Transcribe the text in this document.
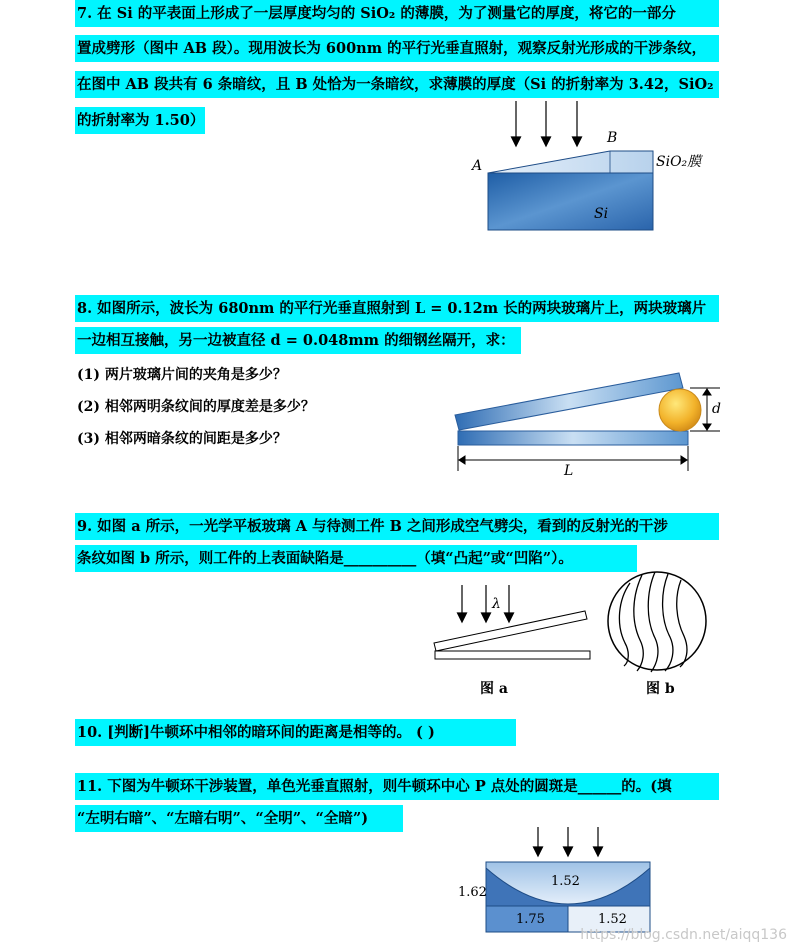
7. 在 Si 的平表面上形成了一层厚度均匀的 SiO₂ 的薄膜，为了测量它的厚度，将它的一部分
置成劈形（图中 AB 段）。现用波长为 600nm 的平行光垂直照射，观察反射光形成的干涉条纹，
在图中 AB 段共有 6 条暗纹，且 B 处恰为一条暗纹，求薄膜的厚度（Si 的折射率为 3.42，SiO₂
的折射率为 1.50）
8. 如图所示，波长为 680nm 的平行光垂直照射到 L = 0.12m 长的两块玻璃片上，两块玻璃片
一边相互接触，另一边被直径 d = 0.048mm 的细钢丝隔开，求：
(1) 两片玻璃片间的夹角是多少？
(2) 相邻两明条纹间的厚度差是多少？
(3) 相邻两暗条纹的间距是多少？
9. 如图 a 所示，一光学平板玻璃 A 与待测工件 B 之间形成空气劈尖，看到的反射光的干涉
条纹如图 b 所示，则工件的上表面缺陷是__________（填“凸起”或“凹陷”）。
10. [判断]牛顿环中相邻的暗环间的距离是相等的。 ( )
11. 下图为牛顿环干涉装置，单色光垂直照射，则牛顿环中心 P 点处的圆斑是______的。(填
“左明右暗”、“左暗右明”、“全明”、“全暗”)
A
B
SiO₂膜
Si
d
L
λ
图 a	图 b
1.52
1.62
1.75	1.52
https://blog.csdn.net/aiqq136
